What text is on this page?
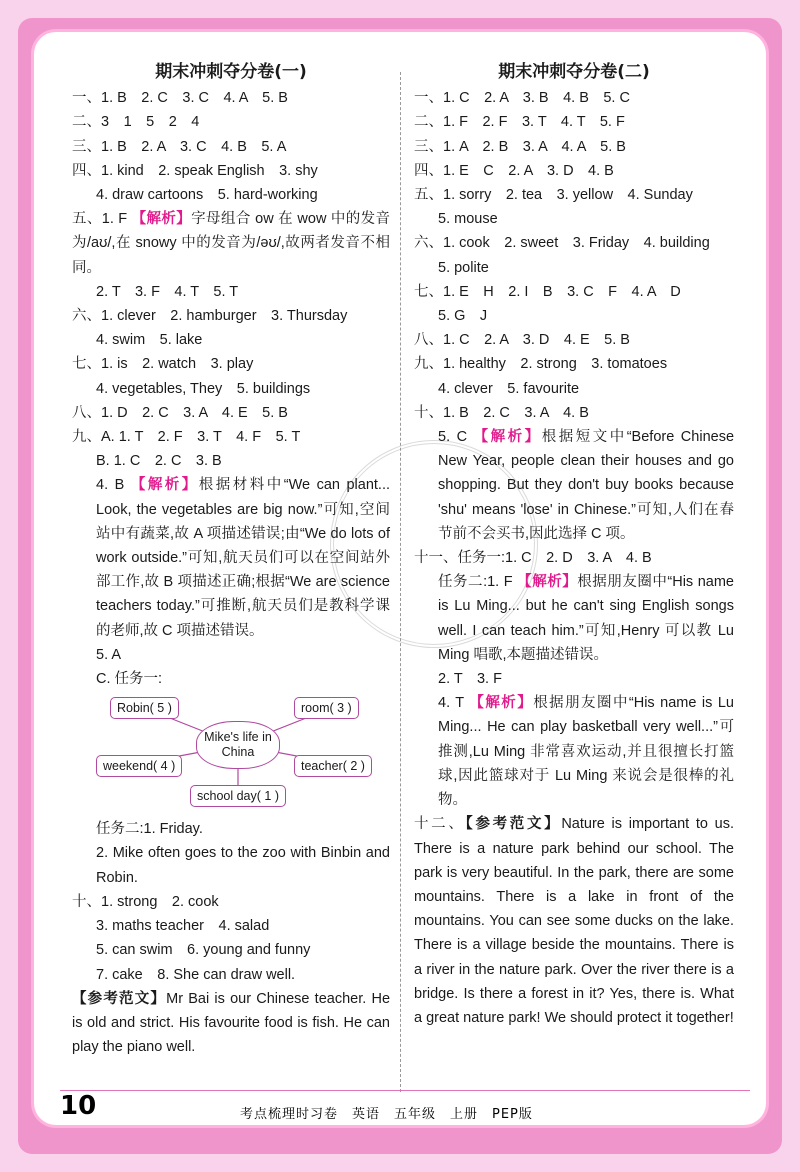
期末冲刺夺分卷(一)
一、1. B　2. C　3. C　4. A　5. B
二、3　1　5　2　4
三、1. B　2. A　3. C　4. B　5. A
四、1. kind　2. speak English　3. shy
4. draw cartoons　5. hard-working
五、1. F 【解析】字母组合 ow 在 wow 中的发音为/aʊ/,在 snowy 中的发音为/əʊ/,故两者发音不相同。
2. T　3. F　4. T　5. T
六、1. clever　2. hamburger　3. Thursday
4. swim　5. lake
七、1. is　2. watch　3. play
4. vegetables, They　5. buildings
八、1. D　2. C　3. A　4. E　5. B
九、A. 1. T　2. F　3. T　4. F　5. T
B. 1. C　2. C　3. B
4. B 【解析】根据材料中“We can plant... Look, the vegetables are big now.”可知,空间站中有蔬菜,故 A 项描述错误;由“We do lots of work outside.”可知,航天员们可以在空间站外部工作,故 B 项描述正确;根据“We are science teachers today.”可推断,航天员们是教科学课的老师,故 C 项描述错误。
5. A
C. 任务一:
Robin( 5 )	room( 3 )
Mike's life in China
weekend( 4 )	teacher( 2 )
school day( 1 )
任务二:1. Friday.
2. Mike often goes to the zoo with Binbin and Robin.
十、1. strong　2. cook
3. maths teacher　4. salad
5. can swim　6. young and funny
7. cake　8. She can draw well.
【参考范文】Mr Bai is our Chinese teacher. He is old and strict. His favourite food is fish. He can play the piano well.
期末冲刺夺分卷(二)
一、1. C　2. A　3. B　4. B　5. C
二、1. F　2. F　3. T　4. T　5. F
三、1. A　2. B　3. A　4. A　5. B
四、1. E　C　2. A　3. D　4. B
五、1. sorry　2. tea　3. yellow　4. Sunday
5. mouse
六、1. cook　2. sweet　3. Friday　4. building
5. polite
七、1. E　H　2. I　B　3. C　F　4. A　D
5. G　J
八、1. C　2. A　3. D　4. E　5. B
九、1. healthy　2. strong　3. tomatoes
4. clever　5. favourite
十、1. B　2. C　3. A　4. B
5. C 【解析】根据短文中“Before Chinese New Year, people clean their houses and go shopping. But they don't buy books because 'shu' means 'lose' in Chinese.”可知,人们在春节前不会买书,因此选择 C 项。
十一、任务一:1. C　2. D　3. A　4. B
任务二:1. F 【解析】根据朋友圈中“His name is Lu Ming... but he can't sing English songs well. I can teach him.”可知,Henry 可以教 Lu Ming 唱歌,本题描述错误。
2. T　3. F
4. T 【解析】根据朋友圈中“His name is Lu Ming... He can play basketball very well...”可推测,Lu Ming 非常喜欢运动,并且很擅长打篮球,因此篮球对于 Lu Ming 来说会是很棒的礼物。
十二、【参考范文】Nature is important to us. There is a nature park behind our school. The park is very beautiful. In the park, there are some mountains. There is a lake in front of the mountains. You can see some ducks on the lake. There is a village beside the mountains. There is a river in the nature park. Over the river there is a bridge. Is there a forest in it? Yes, there is. What a great nature park! We should protect it together!
10	考点梳理时习卷　英语　五年级　上册　PEP版
